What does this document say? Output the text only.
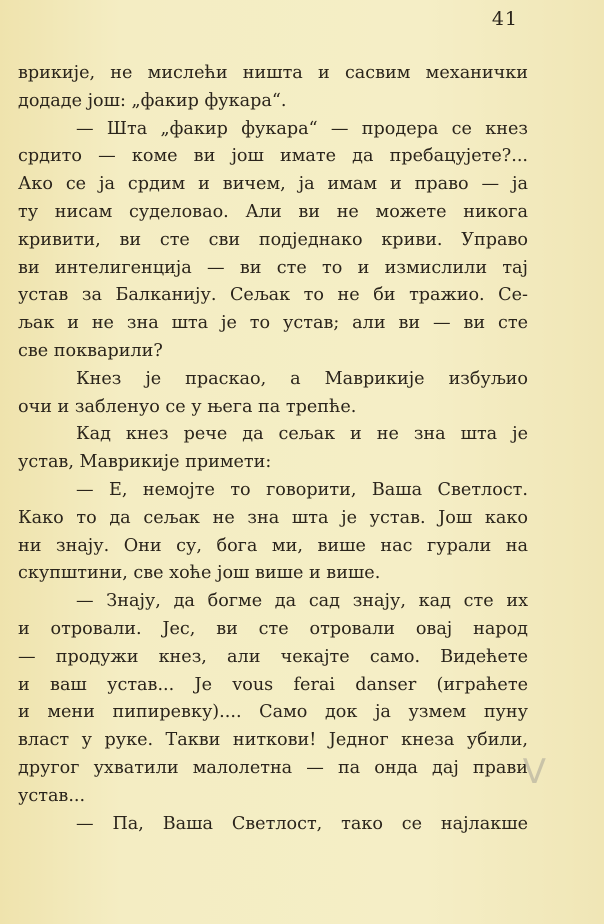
41
врикије, не мислећи ништа и сасвим механички
додаде још: „факир фукара“.
— Шта „факир фукара“ — продера се кнез
срдито — коме ви још имате да пребацујете?...
Ако се ја срдим и вичем, ја имам и право — ја
ту нисам суделовао. Али ви не можете никога
кривити, ви сте сви подједнако криви. Управо
ви интелигенција — ви сте то и измислили тај
устав за Балканију. Сељак то не би тражио. Се-
љак и не зна шта је то устав; али ви — ви сте
све покварили?
Кнез је праскао, а Маврикије избуљио
очи и забленуо се у њега па трепће.
Кад кнез рече да сељак и не зна шта је
устав, Маврикије примети:
— Е, немојте то говорити, Ваша Светлост.
Како то да сељак не зна шта је устав. Још како
ни знају. Они су, бога ми, више нас гурали на
скупштини, све хоће још више и више.
— Знају, да богме да сад знају, кад сте их
и отровали. Јес, ви сте отровали овај народ
— продужи кнез, али чекајте само. Видећете
и ваш устав... Je vous ferai danser (играћете
и мени пипиревку).... Само док ја узмем пуну
власт у руке. Такви ниткови! Једног кнеза убили,
другог ухватили малолетна — па онда дај прави
устав...
— Па, Ваша Светлост, тако се најлакше
V
